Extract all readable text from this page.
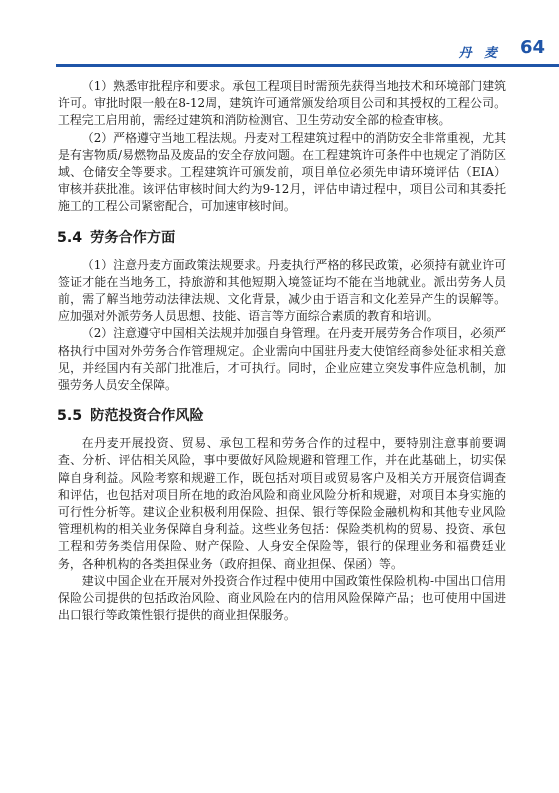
丹 麦 64

（1）熟悉审批程序和要求。承包工程项目时需预先获得当地技术和环境部门建筑许可。审批时限一般在8-12周，建筑许可通常颁发给项目公司和其授权的工程公司。工程完工启用前，需经过建筑和消防检测官、卫生劳动安全部的检查审核。

（2）严格遵守当地工程法规。丹麦对工程建筑过程中的消防安全非常重视，尤其是有害物质/易燃物品及废品的安全存放问题。在工程建筑许可条件中也规定了消防区域、仓储安全等要求。工程建筑许可颁发前，项目单位必须先申请环境评估（EIA）审核并获批准。该评估审核时间大约为9-12月，评估申请过程中，项目公司和其委托施工的工程公司紧密配合，可加速审核时间。

5.4 劳务合作方面

（1）注意丹麦方面政策法规要求。丹麦执行严格的移民政策，必须持有就业许可签证才能在当地务工，持旅游和其他短期入境签证均不能在当地就业。派出劳务人员前，需了解当地劳动法律法规、文化背景，减少由于语言和文化差异产生的误解等。应加强对外派劳务人员思想、技能、语言等方面综合素质的教育和培训。

（2）注意遵守中国相关法规并加强自身管理。在丹麦开展劳务合作项目，必须严格执行中国对外劳务合作管理规定。企业需向中国驻丹麦大使馆经商参处征求相关意见，并经国内有关部门批准后，才可执行。同时，企业应建立突发事件应急机制，加强劳务人员安全保障。

5.5 防范投资合作风险

在丹麦开展投资、贸易、承包工程和劳务合作的过程中，要特别注意事前要调查、分析、评估相关风险，事中要做好风险规避和管理工作，并在此基础上，切实保障自身利益。风险考察和规避工作，既包括对项目或贸易客户及相关方开展资信调查和评估，也包括对项目所在地的政治风险和商业风险分析和规避，对项目本身实施的可行性分析等。建议企业积极利用保险、担保、银行等保险金融机构和其他专业风险管理机构的相关业务保障自身利益。这些业务包括：保险类机构的贸易、投资、承包工程和劳务类信用保险、财产保险、人身安全保险等，银行的保理业务和福费廷业务，各种机构的各类担保业务（政府担保、商业担保、保函）等。

建议中国企业在开展对外投资合作过程中使用中国政策性保险机构-中国出口信用保险公司提供的包括政治风险、商业风险在内的信用风险保障产品；也可使用中国进出口银行等政策性银行提供的商业担保服务。
